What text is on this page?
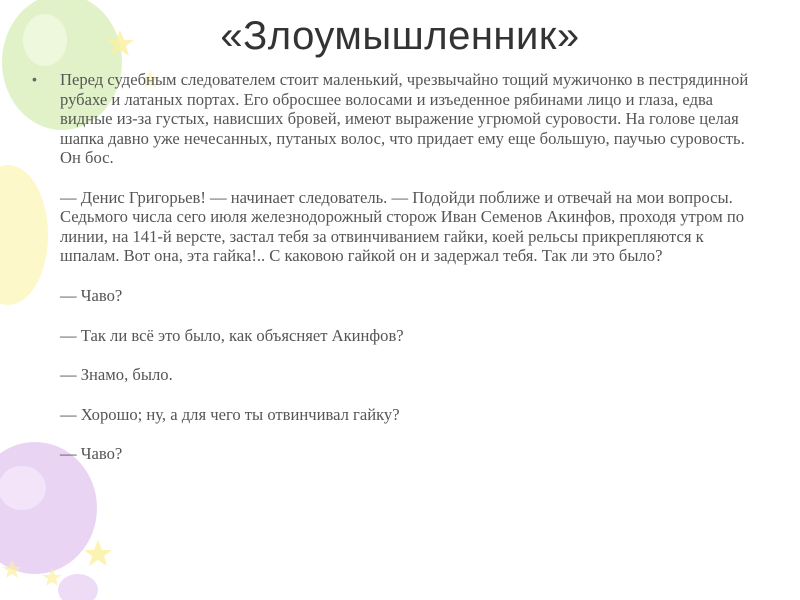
«Злоумышленник»
• Перед судебным следователем стоит маленький, чрезвычайно тощий мужичонко в пестрядинной рубахе и латаных портах. Его обросшее волосами и изъеденное рябинами лицо и глаза, едва видные из-за густых, нависших бровей, имеют выражение угрюмой суровости. На голове целая шапка давно уже нечесанных, путаных волос, что придает ему еще большую, паучью суровость. Он бос.

— Денис Григорьев! — начинает следователь. — Подойди поближе и отвечай на мои вопросы. Седьмого числа сего июля железнодорожный сторож Иван Семенов Акинфов, проходя утром по линии, на 141-й версте, застал тебя за отвинчиванием гайки, коей рельсы прикрепляются к шпалам. Вот она, эта гайка!.. С каковою гайкой он и задержал тебя. Так ли это было?

— Чаво?

— Так ли всё это было, как объясняет Акинфов?

— Знамо, было.

— Хорошо; ну, а для чего ты отвинчивал гайку?

— Чаво?
